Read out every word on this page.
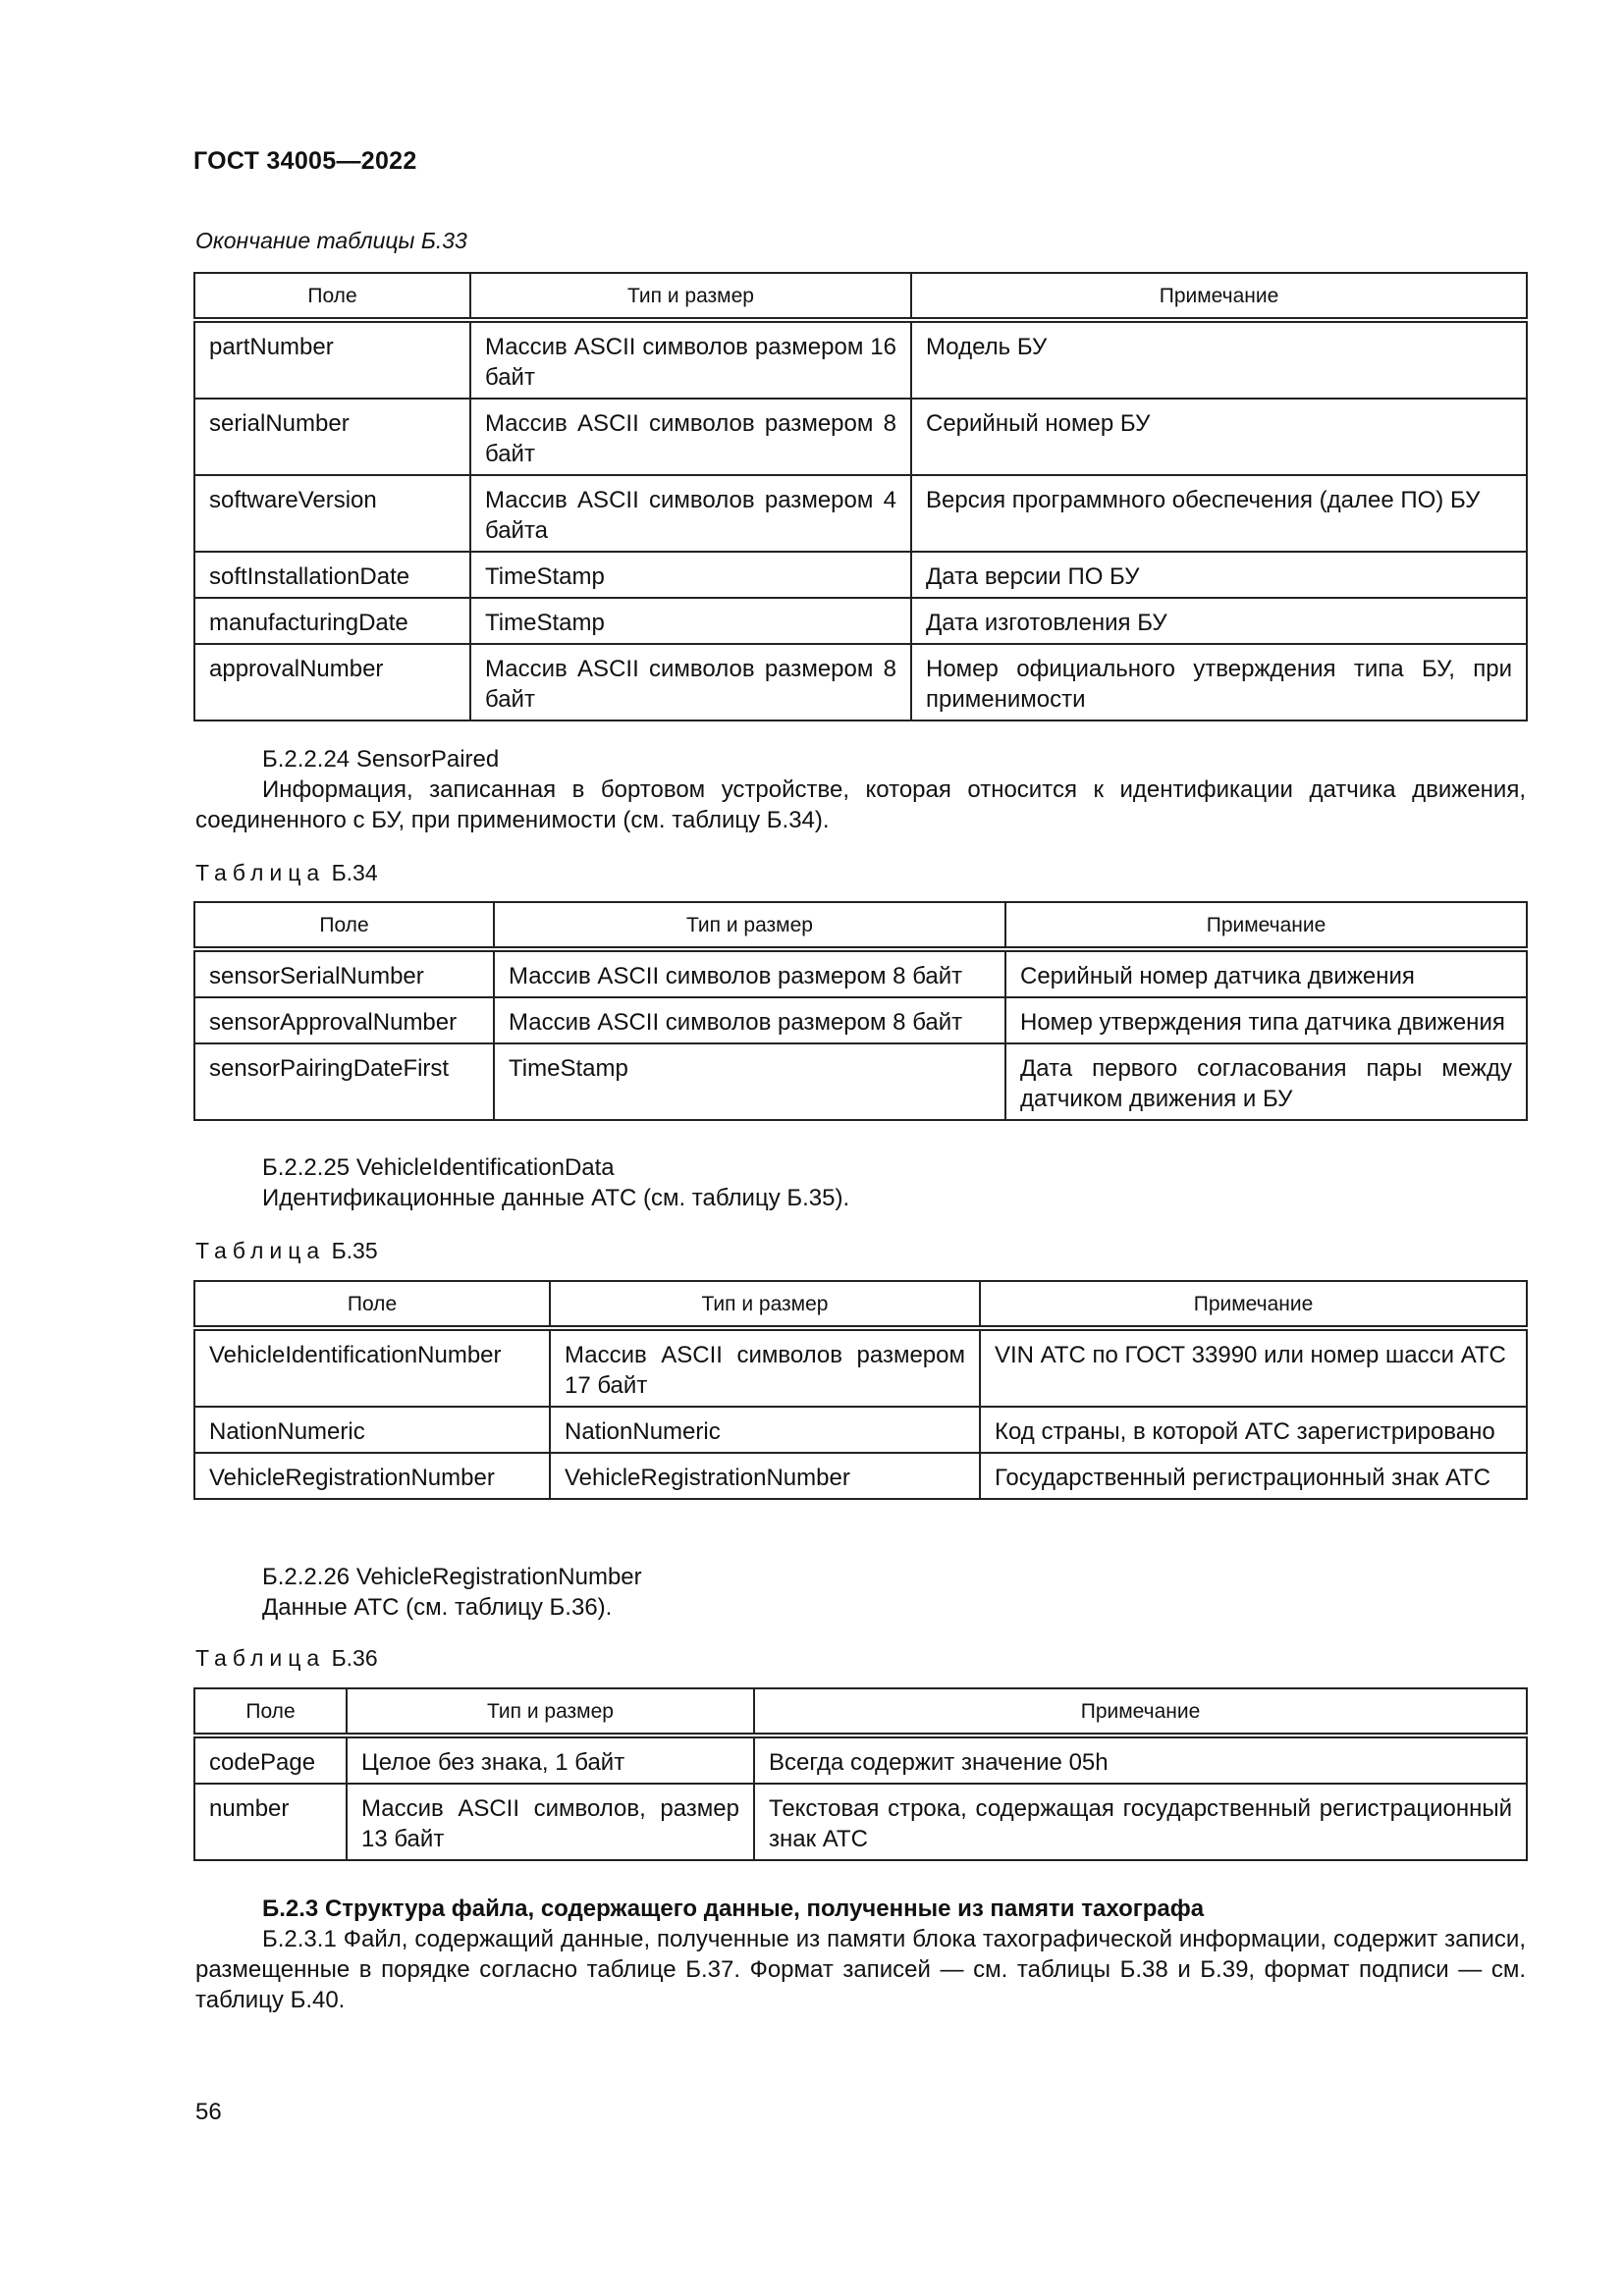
ГОСТ 34005—2022
Окончание таблицы Б.33
Поле	Тип и размер	Примечание
partNumber	Массив ASCII символов размером 16 байт	Модель БУ
serialNumber	Массив ASCII символов размером 8 байт	Серийный номер БУ
softwareVersion	Массив ASCII символов размером 4 байта	Версия программного обеспечения (далее ПО) БУ
softInstallationDate	TimeStamp	Дата версии ПО БУ
manufacturingDate	TimeStamp	Дата изготовления БУ
approvalNumber	Массив ASCII символов размером 8 байт	Номер официального утверждения типа БУ, при применимости

Б.2.2.24 SensorPaired

Информация, записанная в бортовом устройстве, которая относится к идентификации датчика движения, соединенного с БУ, при применимости (см. таблицу Б.34).

Таблица Б.34
Поле	Тип и размер	Примечание
sensorSerialNumber	Массив ASCII символов размером 8 байт	Серийный номер датчика движения
sensorApprovalNumber	Массив ASCII символов размером 8 байт	Номер утверждения типа датчика движения
sensorPairingDateFirst	TimeStamp	Дата первого согласования пары между датчиком движения и БУ

Б.2.2.25 VehicleIdentificationData

Идентификационные данные АТС (см. таблицу Б.35).

Таблица Б.35
Поле	Тип и размер	Примечание
VehicleIdentificationNumber	Массив ASCII символов размером 17 байт	VIN АТС по ГОСТ 33990 или номер шасси АТС
NationNumeric	NationNumeric	Код страны, в которой АТС зарегистрировано
VehicleRegistrationNumber	VehicleRegistrationNumber	Государственный регистрационный знак АТС

Б.2.2.26 VehicleRegistrationNumber

Данные АТС (см. таблицу Б.36).

Таблица Б.36
Поле	Тип и размер	Примечание
codePage	Целое без знака, 1 байт	Всегда содержит значение 05h
number	Массив ASCII символов, размер 13 байт	Текстовая строка, содержащая государственный регистрационный знак АТС

Б.2.3 Структура файла, содержащего данные, полученные из памяти тахографа

Б.2.3.1 Файл, содержащий данные, полученные из памяти блока тахографической информации, содержит записи, размещенные в порядке согласно таблице Б.37. Формат записей — см. таблицы Б.38 и Б.39, формат подписи — см. таблицу Б.40.

56
